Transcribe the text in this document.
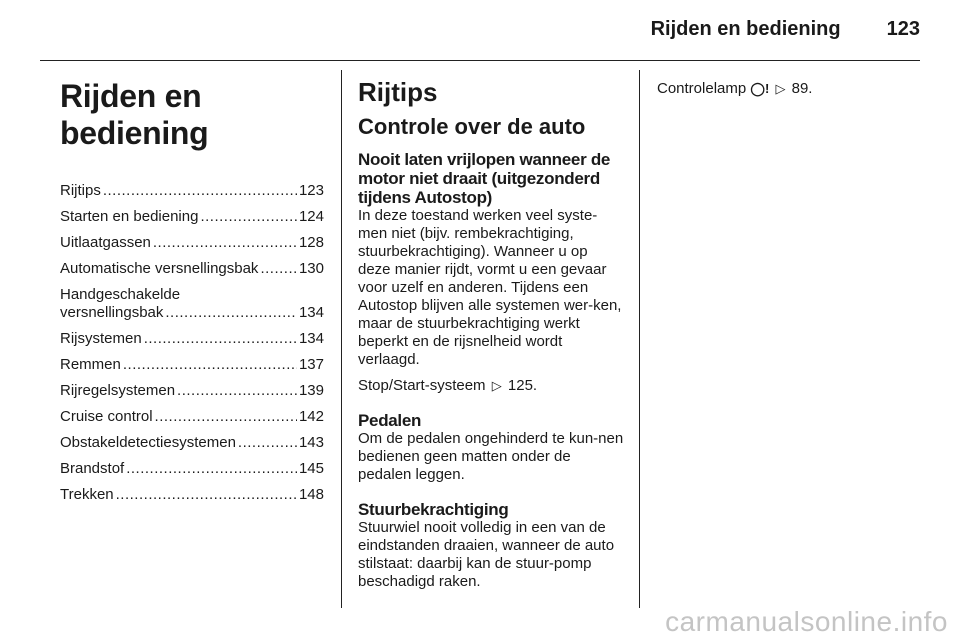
Rijden en bediening 123
Rijden en bediening
Rijtips .....	123
Starten en bediening .....	124
Uitlaatgassen .....	128
Automatische versnellingsbak .....	130
Handgeschakelde
versnellingsbak .....	134
Rijsystemen .....	134
Remmen .....	137
Rijregelsystemen .....	139
Cruise control .....	142
Obstakeldetectiesystemen .....	143
Brandstof .....	145
Trekken .....	148
Rijtips
Controle over de auto
Nooit laten vrijlopen wanneer de motor niet draait (uitgezonderd tijdens Autostop)

In deze toestand werken veel syste-men niet (bijv. rembekrachtiging, stuurbekrachtiging). Wanneer u op deze manier rijdt, vormt u een gevaar voor uzelf en anderen. Tijdens een Autostop blijven alle systemen wer-ken, maar de stuurbekrachtiging werkt beperkt en de rijsnelheid wordt verlaagd.

Stop/Start-systeem ▷ 125.

Pedalen

Om de pedalen ongehinderd te kun-nen bedienen geen matten onder de pedalen leggen.

Stuurbekrachtiging

Stuurwiel nooit volledig in een van de eindstanden draaien, wanneer de auto stilstaat: daarbij kan de stuur-pomp beschadigd raken.

Controlelamp ◯! ▷ 89.

carmanualsonline.info
